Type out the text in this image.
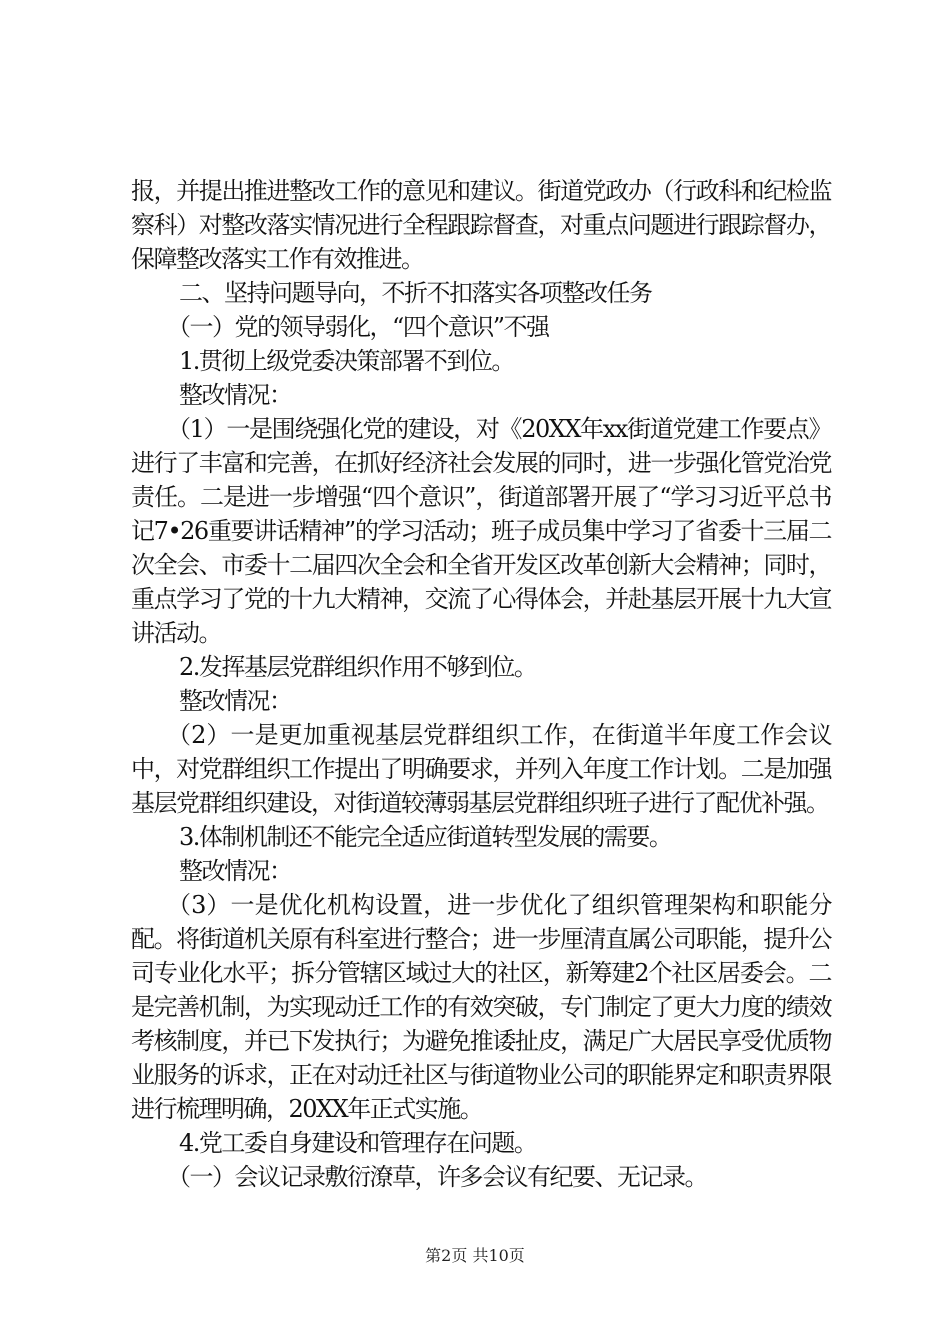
报，并提出推进整改工作的意见和建议。街道党政办（行政科和纪检监察科）对整改落实情况进行全程跟踪督查，对重点问题进行跟踪督办，保障整改落实工作有效推进。

二、坚持问题导向，不折不扣落实各项整改任务

（一）党的领导弱化，“四个意识”不强

1.贯彻上级党委决策部署不到位。

整改情况：

（1）一是围绕强化党的建设，对《20XX年xx街道党建工作要点》进行了丰富和完善，在抓好经济社会发展的同时，进一步强化管党治党责任。二是进一步增强“四个意识”，街道部署开展了“学习习近平总书记7•26重要讲话精神”的学习活动；班子成员集中学习了省委十三届二次全会、市委十二届四次全会和全省开发区改革创新大会精神；同时，重点学习了党的十九大精神，交流了心得体会，并赴基层开展十九大宣讲活动。

2.发挥基层党群组织作用不够到位。

整改情况：

（2）一是更加重视基层党群组织工作，在街道半年度工作会议中，对党群组织工作提出了明确要求，并列入年度工作计划。二是加强基层党群组织建设，对街道较薄弱基层党群组织班子进行了配优补强。

3.体制机制还不能完全适应街道转型发展的需要。

整改情况：

（3）一是优化机构设置，进一步优化了组织管理架构和职能分配。将街道机关原有科室进行整合；进一步厘清直属公司职能，提升公司专业化水平；拆分管辖区域过大的社区，新筹建2个社区居委会。二是完善机制，为实现动迁工作的有效突破，专门制定了更大力度的绩效考核制度，并已下发执行；为避免推诿扯皮，满足广大居民享受优质物业服务的诉求，正在对动迁社区与街道物业公司的职能界定和职责界限进行梳理明确，20XX年正式实施。

4.党工委自身建设和管理存在问题。

（一）会议记录敷衍潦草，许多会议有纪要、无记录。

第2页 共10页
